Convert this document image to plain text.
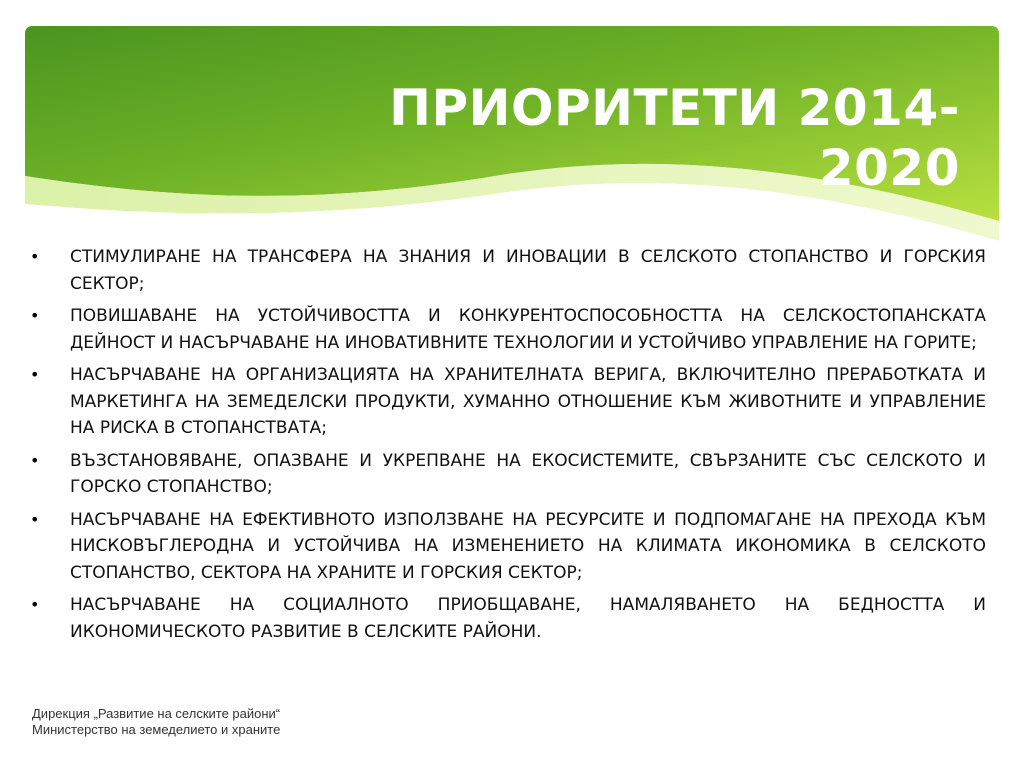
ПРИОРИТЕТИ 2014-2020
•	СТИМУЛИРАНЕ НА ТРАНСФЕРА НА ЗНАНИЯ И ИНОВАЦИИ В СЕЛСКОТО СТОПАНСТВО И ГОРСКИЯ СЕКТОР;
•	ПОВИШАВАНЕ НА УСТОЙЧИВОСТТА И КОНКУРЕНТОСПОСОБНОСТТА НА СЕЛСКОСТОПАНСКАТА ДЕЙНОСТ И НАСЪРЧАВАНЕ НА ИНОВАТИВНИТЕ ТЕХНОЛОГИИ И УСТОЙЧИВО УПРАВЛЕНИЕ НА ГОРИТЕ;
•	НАСЪРЧАВАНЕ НА ОРГАНИЗАЦИЯТА НА ХРАНИТЕЛНАТА ВЕРИГА, ВКЛЮЧИТЕЛНО ПРЕРАБОТКАТА И МАРКЕТИНГА НА ЗЕМЕДЕЛСКИ ПРОДУКТИ, ХУМАННО ОТНОШЕНИЕ КЪМ ЖИВОТНИТЕ И УПРАВЛЕНИЕ НА РИСКА В СТОПАНСТВАТА;
•	ВЪЗСТАНОВЯВАНЕ, ОПАЗВАНЕ И УКРЕПВАНЕ НА ЕКОСИСТЕМИТЕ, СВЪРЗАНИТЕ СЪС СЕЛСКОТО И ГОРСКО СТОПАНСТВО;
•	НАСЪРЧАВАНЕ НА ЕФЕКТИВНОТО ИЗПОЛЗВАНЕ НА РЕСУРСИТЕ И ПОДПОМАГАНЕ НА ПРЕХОДА КЪМ НИСКОВЪГЛЕРОДНА И УСТОЙЧИВА НА ИЗМЕНЕНИЕТО НА КЛИМАТА ИКОНОМИКА В СЕЛСКОТО СТОПАНСТВО, СЕКТОРА НА ХРАНИТЕ И ГОРСКИЯ СЕКТОР;
•	НАСЪРЧАВАНЕ НА СОЦИАЛНОТО ПРИОБЩАВАНЕ, НАМАЛЯВАНЕТО НА БЕДНОСТТА И ИКОНОМИЧЕСКОТО РАЗВИТИЕ В СЕЛСКИТЕ РАЙОНИ.
Дирекция „Развитие на селските райони“
Министерство на земеделието и храните
